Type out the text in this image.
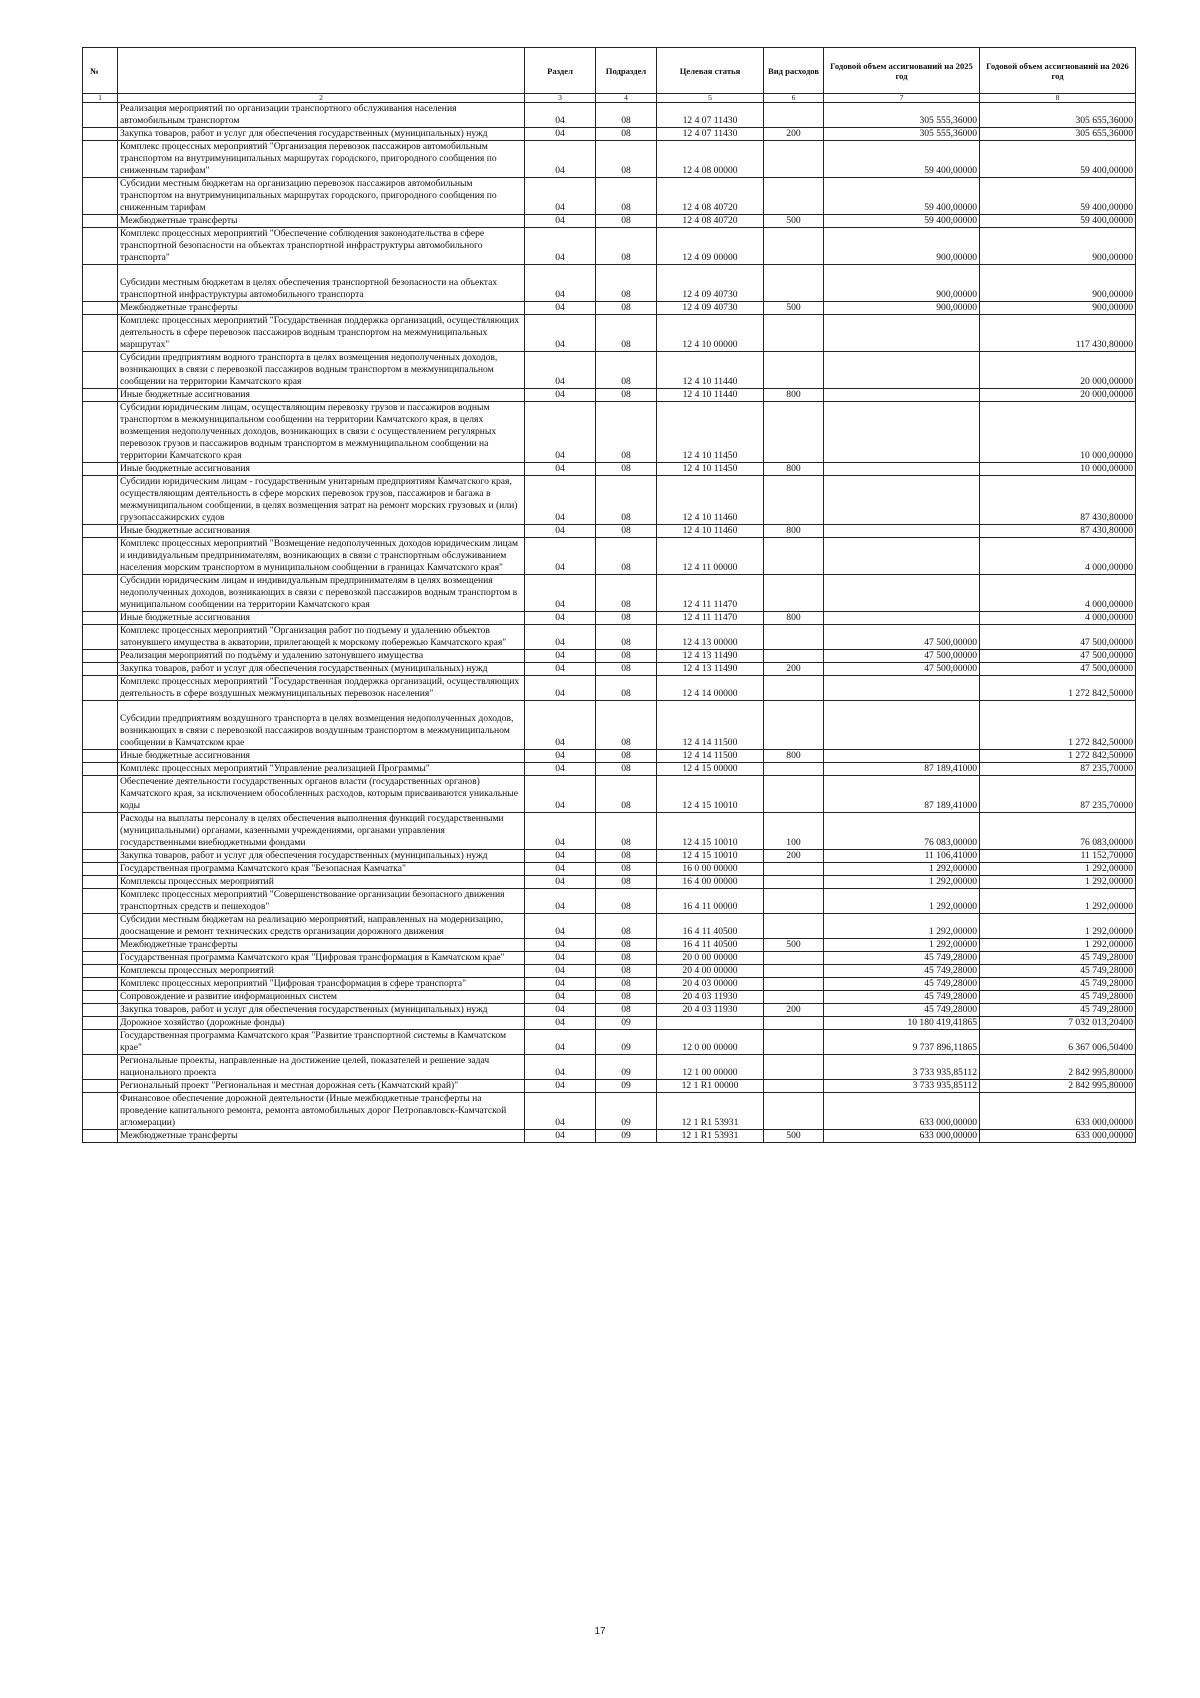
№		Раздел	Подраздел	Целевая статья	Вид расходов	Годовой объем ассигнований на 2025 год	Годовой объем ассигнований на 2026 год
1	2	3	4	5	6	7	8
	Реализация мероприятий по организации транспортного обслуживания населения автомобильным транспортом	04	08	12 4 07 11430		305 555,36000	305 655,36000
	Закупка товаров, работ и услуг для обеспечения государственных (муниципальных) нужд	04	08	12 4 07 11430	200	305 555,36000	305 655,36000
	Комплекс процессных мероприятий "Организация перевозок пассажиров автомобильным транспортом на внутримуниципальных маршрутах городского, пригородного сообщения по сниженным тарифам"	04	08	12 4 08 00000		59 400,00000	59 400,00000
	Субсидии местным бюджетам на организацию перевозок пассажиров автомобильным транспортом на внутримуниципальных маршрутах городского, пригородного сообщения по сниженным тарифам	04	08	12 4 08 40720		59 400,00000	59 400,00000
	Межбюджетные трансферты	04	08	12 4 08 40720	500	59 400,00000	59 400,00000
	Комплекс процессных мероприятий "Обеспечение соблюдения законодательства в сфере транспортной безопасности на объектах транспортной инфраструктуры автомобильного транспорта"	04	08	12 4 09 00000		900,00000	900,00000
	Субсидии местным бюджетам в целях обеспечения транспортной безопасности на объектах транспортной инфраструктуры автомобильного транспорта	04	08	12 4 09 40730		900,00000	900,00000
	Межбюджетные трансферты	04	08	12 4 09 40730	500	900,00000	900,00000
	Комплекс процессных мероприятий "Государственная поддержка организаций, осуществляющих деятельность в сфере перевозок пассажиров водным транспортом на межмуниципальных маршрутах"	04	08	12 4 10 00000			117 430,80000
	Субсидии предприятиям водного транспорта в целях возмещения недополученных доходов, возникающих в связи с перевозкой пассажиров водным транспортом в межмуниципальном сообщении на территории Камчатского края	04	08	12 4 10 11440			20 000,00000
	Иные бюджетные ассигнования	04	08	12 4 10 11440	800		20 000,00000
	Субсидии юридическим лицам, осуществляющим перевозку грузов и пассажиров водным транспортом в межмуниципальном сообщении на территории Камчатского края, в целях возмещения недополученных доходов, возникающих в связи с осуществлением регулярных перевозок грузов и пассажиров водным транспортом в межмуниципальном сообщении на территории Камчатского края	04	08	12 4 10 11450			10 000,00000
	Иные бюджетные ассигнования	04	08	12 4 10 11450	800		10 000,00000
	Субсидии юридическим лицам - государственным унитарным предприятиям Камчатского края, осуществляющим деятельность в сфере морских перевозок грузов, пассажиров и багажа в межмуниципальном сообщении, в целях возмещения затрат на ремонт морских грузовых и (или) грузопассажирских судов	04	08	12 4 10 11460			87 430,80000
	Иные бюджетные ассигнования	04	08	12 4 10 11460	800		87 430,80000
	Комплекс процессных мероприятий "Возмещение недополученных доходов юридическим лицам и индивидуальным предпринимателям, возникающих в связи с транспортным обслуживанием населения морским транспортом в муниципальном сообщении в границах Камчатского края"	04	08	12 4 11 00000			4 000,00000
	Субсидии юридическим лицам и индивидуальным предпринимателям в целях возмещения недополученных доходов, возникающих в связи с перевозкой пассажиров водным транспортом в муниципальном сообщении на территории Камчатского края	04	08	12 4 11 11470			4 000,00000
	Иные бюджетные ассигнования	04	08	12 4 11 11470	800		4 000,00000
	Комплекс процессных мероприятий "Организация работ по подъему и удалению объектов затонувшего имущества в акватории, прилегающей к морскому побережью Камчатского края"	04	08	12 4 13 00000		47 500,00000	47 500,00000
	Реализация мероприятий по подъёму и удалению затонувшего имущества	04	08	12 4 13 11490		47 500,00000	47 500,00000
	Закупка товаров, работ и услуг для обеспечения государственных (муниципальных) нужд	04	08	12 4 13 11490	200	47 500,00000	47 500,00000
	Комплекс процессных мероприятий "Государственная поддержка организаций, осуществляющих деятельность в сфере воздушных межмуниципальных перевозок населения"	04	08	12 4 14 00000			1 272 842,50000
	Субсидии предприятиям воздушного транспорта в целях возмещения недополученных доходов, возникающих в связи с перевозкой пассажиров воздушным транспортом в межмуниципальном сообщении в Камчатском крае	04	08	12 4 14 11500			1 272 842,50000
	Иные бюджетные ассигнования	04	08	12 4 14 11500	800		1 272 842,50000
	Комплекс процессных мероприятий "Управление реализацией Программы"	04	08	12 4 15 00000		87 189,41000	87 235,70000
	Обеспечение деятельности государственных органов власти (государственных органов) Камчатского края, за исключением обособленных расходов, которым присваиваются уникальные коды	04	08	12 4 15 10010		87 189,41000	87 235,70000
	Расходы на выплаты персоналу в целях обеспечения выполнения функций государственными (муниципальными) органами, казенными учреждениями, органами управления государственными внебюджетными фондами	04	08	12 4 15 10010	100	76 083,00000	76 083,00000
	Закупка товаров, работ и услуг для обеспечения государственных (муниципальных) нужд	04	08	12 4 15 10010	200	11 106,41000	11 152,70000
	Государственная программа Камчатского края "Безопасная Камчатка"	04	08	16 0 00 00000		1 292,00000	1 292,00000
	Комплексы процессных мероприятий	04	08	16 4 00 00000		1 292,00000	1 292,00000
	Комплекс процессных мероприятий "Совершенствование организации безопасного движения транспортных средств и пешеходов"	04	08	16 4 11 00000		1 292,00000	1 292,00000
	Субсидии местным бюджетам на реализацию мероприятий, направленных на модернизацию, дооснащение и ремонт технических средств организации дорожного движения	04	08	16 4 11 40500		1 292,00000	1 292,00000
	Межбюджетные трансферты	04	08	16 4 11 40500	500	1 292,00000	1 292,00000
	Государственная программа Камчатского края "Цифровая трансформация в Камчатском крае"	04	08	20 0 00 00000		45 749,28000	45 749,28000
	Комплексы процессных мероприятий	04	08	20 4 00 00000		45 749,28000	45 749,28000
	Комплекс процессных мероприятий "Цифровая трансформация в сфере транспорта"	04	08	20 4 03 00000		45 749,28000	45 749,28000
	Сопровождение и развитие информационных систем	04	08	20 4 03 11930		45 749,28000	45 749,28000
	Закупка товаров, работ и услуг для обеспечения государственных (муниципальных) нужд	04	08	20 4 03 11930	200	45 749,28000	45 749,28000
	Дорожное хозяйство (дорожные фонды)	04	09			10 180 419,41865	7 032 013,20400
	Государственная программа Камчатского края "Развитие транспортной системы в Камчатском крае"	04	09	12 0 00 00000		9 737 896,11865	6 367 006,50400
	Региональные проекты, направленные на достижение целей, показателей и решение задач национального проекта	04	09	12 1 00 00000		3 733 935,85112	2 842 995,80000
	Региональный проект "Региональная и местная дорожная сеть (Камчатский край)"	04	09	12 1 R1 00000		3 733 935,85112	2 842 995,80000
	Финансовое обеспечение дорожной деятельности (Иные межбюджетные трансферты на проведение капитального ремонта, ремонта автомобильных дорог Петропавловск-Камчатской агломерации)	04	09	12 1 R1 53931		633 000,00000	633 000,00000
	Межбюджетные трансферты	04	09	12 1 R1 53931	500	633 000,00000	633 000,00000
17
